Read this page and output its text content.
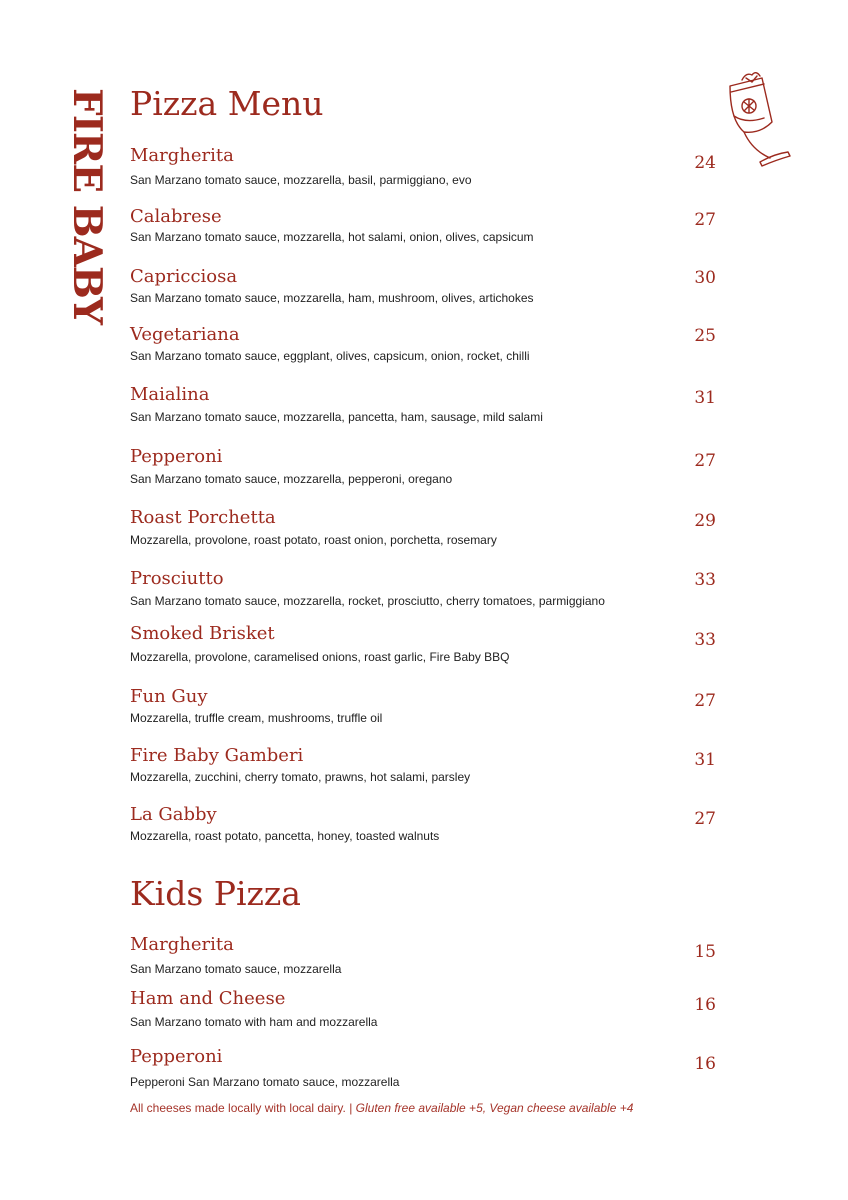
FIRE BABY Pizza Menu
Margherita
San Marzano tomato sauce, mozzarella, basil, parmiggiano, evo
24
Calabrese
San Marzano tomato sauce, mozzarella, hot salami, onion, olives, capsicum
27
Capricciosa
San Marzano tomato sauce, mozzarella, ham, mushroom, olives, artichokes
30
Vegetariana
San Marzano tomato sauce, eggplant, olives, capsicum, onion, rocket, chilli
25
Maialina
San Marzano tomato sauce, mozzarella, pancetta, ham, sausage, mild salami
31
Pepperoni
San Marzano tomato sauce, mozzarella, pepperoni, oregano
27
Roast Porchetta
Mozzarella, provolone, roast potato, roast onion, porchetta, rosemary
29
Prosciutto
San Marzano tomato sauce, mozzarella, rocket, prosciutto, cherry tomatoes, parmiggiano
33
Smoked Brisket
Mozzarella, provolone, caramelised onions, roast garlic, Fire Baby BBQ
33
Fun Guy
Mozzarella, truffle cream, mushrooms, truffle oil
27
Fire Baby Gamberi
Mozzarella, zucchini, cherry tomato, prawns, hot salami, parsley
31
La Gabby
Mozzarella, roast potato, pancetta, honey, toasted walnuts
27
Kids Pizza
Margherita
San Marzano tomato sauce, mozzarella
15
Ham and Cheese
San Marzano tomato with ham and mozzarella
16
Pepperoni
Pepperoni San Marzano tomato sauce, mozzarella
16
All cheeses made locally with local dairy. | Gluten free available +5, Vegan cheese available +4
